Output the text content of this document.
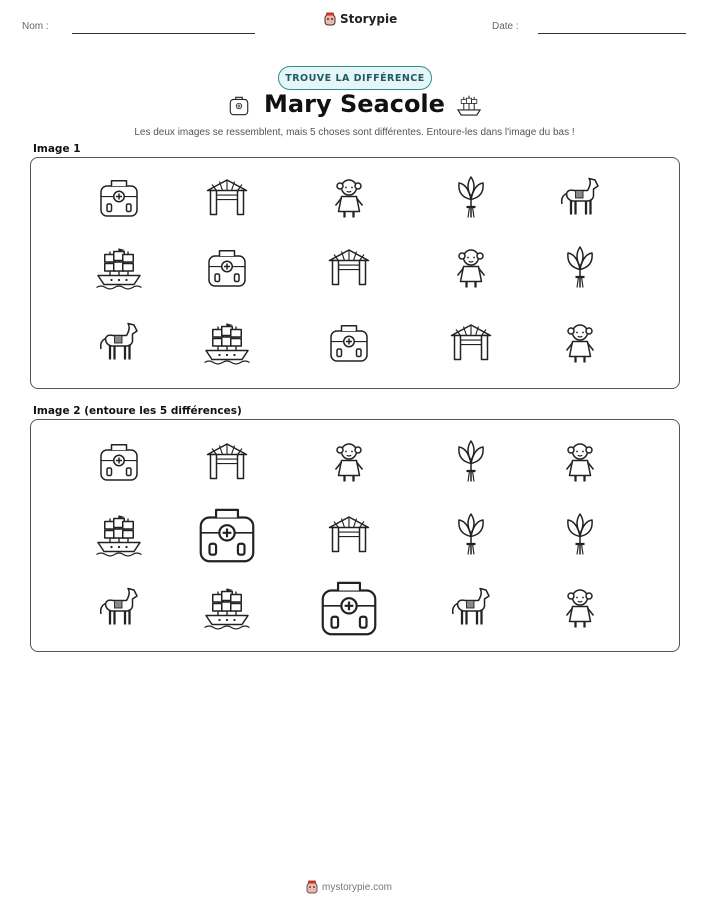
Nom :
Storypie
Date :
TROUVE LA DIFFÉRENCE
Mary Seacole
Les deux images se ressemblent, mais 5 choses sont différentes. Entoure-les dans l'image du bas !
Image 1
Image 2 (entoure les 5 différences)
mystorypie.com
